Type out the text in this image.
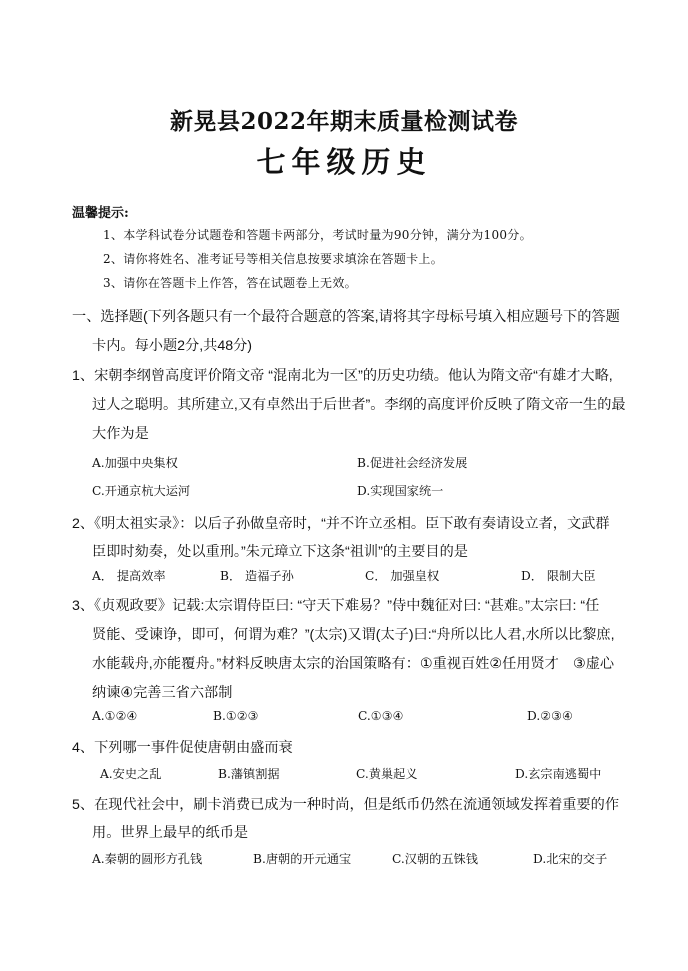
新晃县2022年期末质量检测试卷
七年级历史
温馨提示:
1、本学科试卷分试题卷和答题卡两部分，考试时量为90分钟，满分为100分。
2、请你将姓名、准考证号等相关信息按要求填涂在答题卡上。
3、请你在答题卡上作答，答在试题卷上无效。
一、选择题(下列各题只有一个最符合题意的答案,请将其字母标号填入相应题号下的答题
卡内。每小题2分,共48分)
1、宋朝李纲曾高度评价隋文帝 “混南北为一区”的历史功绩。他认为隋文帝“有雄才大略,
过人之聪明。其所建立,又有卓然出于后世者”。李纲的高度评价反映了隋文帝一生的最
大作为是
A.加强中央集权	B.促进社会经济发展
C.开通京杭大运河	D.实现国家统一
2、《明太祖实录》：以后子孙做皇帝时，“并不许立丞相。臣下敢有奏请设立者，文武群
臣即时劾奏，处以重刑。”朱元璋立下这条“祖训”的主要目的是
A． 提高效率	B． 造福子孙	C． 加强皇权	D． 限制大臣
3、《贞观政要》记载:太宗谓侍臣曰: “守天下难易？”侍中魏征对曰: “甚难。”太宗曰: “任
贤能、受谏诤，即可，何谓为难？”(太宗)又谓(太子)曰:“舟所以比人君,水所以比黎庶,
水能载舟,亦能覆舟。”材料反映唐太宗的治国策略有：①重视百姓②任用贤才　③虚心
纳谏④完善三省六部制
A.①②④	B.①②③	C.①③④	D.②③④
4、下列哪一事件促使唐朝由盛而衰
A.安史之乱	B.藩镇割据	C.黄巢起义	D.玄宗南逃蜀中
5、在现代社会中，刷卡消费已成为一种时尚，但是纸币仍然在流通领域发挥着重要的作
用。世界上最早的纸币是
A.秦朝的圆形方孔钱	B.唐朝的开元通宝	C.汉朝的五铢钱	D.北宋的交子
